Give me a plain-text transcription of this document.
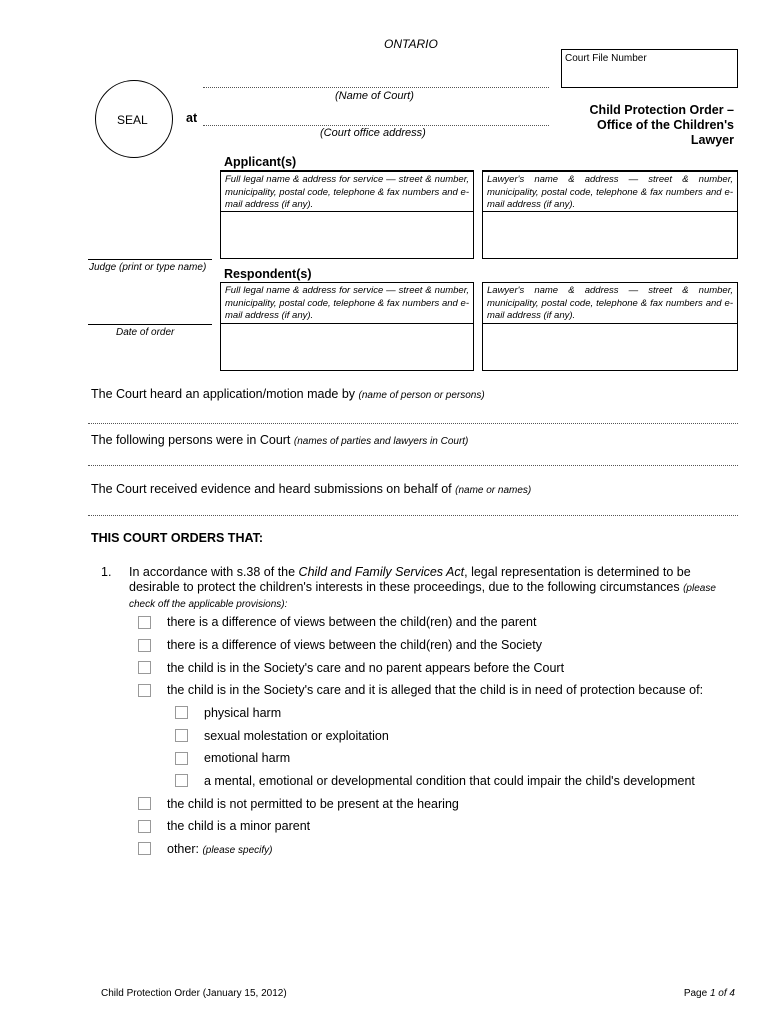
ONTARIO
Court File Number
SEAL
(Name of Court)
at
(Court office address)
Child Protection Order –
Office of the Children's
Lawyer
Applicant(s)
Full legal name & address for service — street & number, municipality, postal code, telephone & fax numbers and e-mail address (if any).
Lawyer's name & address — street & number, municipality, postal code, telephone & fax numbers and e-mail address (if any).
Judge (print or type name) Respondent(s)
Full legal name & address for service — street & number, municipality, postal code, telephone & fax numbers and e-mail address (if any).
Lawyer's name & address — street & number, municipality, postal code, telephone & fax numbers and e-mail address (if any).
Date of order
The Court heard an application/motion made by (name of person or persons)
The following persons were in Court (names of parties and lawyers in Court)
The Court received evidence and heard submissions on behalf of (name or names)
THIS COURT ORDERS THAT:
1. In accordance with s.38 of the Child and Family Services Act, legal representation is determined to be desirable to protect the children's interests in these proceedings, due to the following circumstances (please check off the applicable provisions):
there is a difference of views between the child(ren) and the parent
there is a difference of views between the child(ren) and the Society
the child is in the Society's care and no parent appears before the Court
the child is in the Society's care and it is alleged that the child is in need of protection because of:
physical harm
sexual molestation or exploitation
emotional harm
a mental, emotional or developmental condition that could impair the child's development
the child is not permitted to be present at the hearing
the child is a minor parent
other: (please specify)
Child Protection Order (January 15, 2012)	Page 1 of 4
